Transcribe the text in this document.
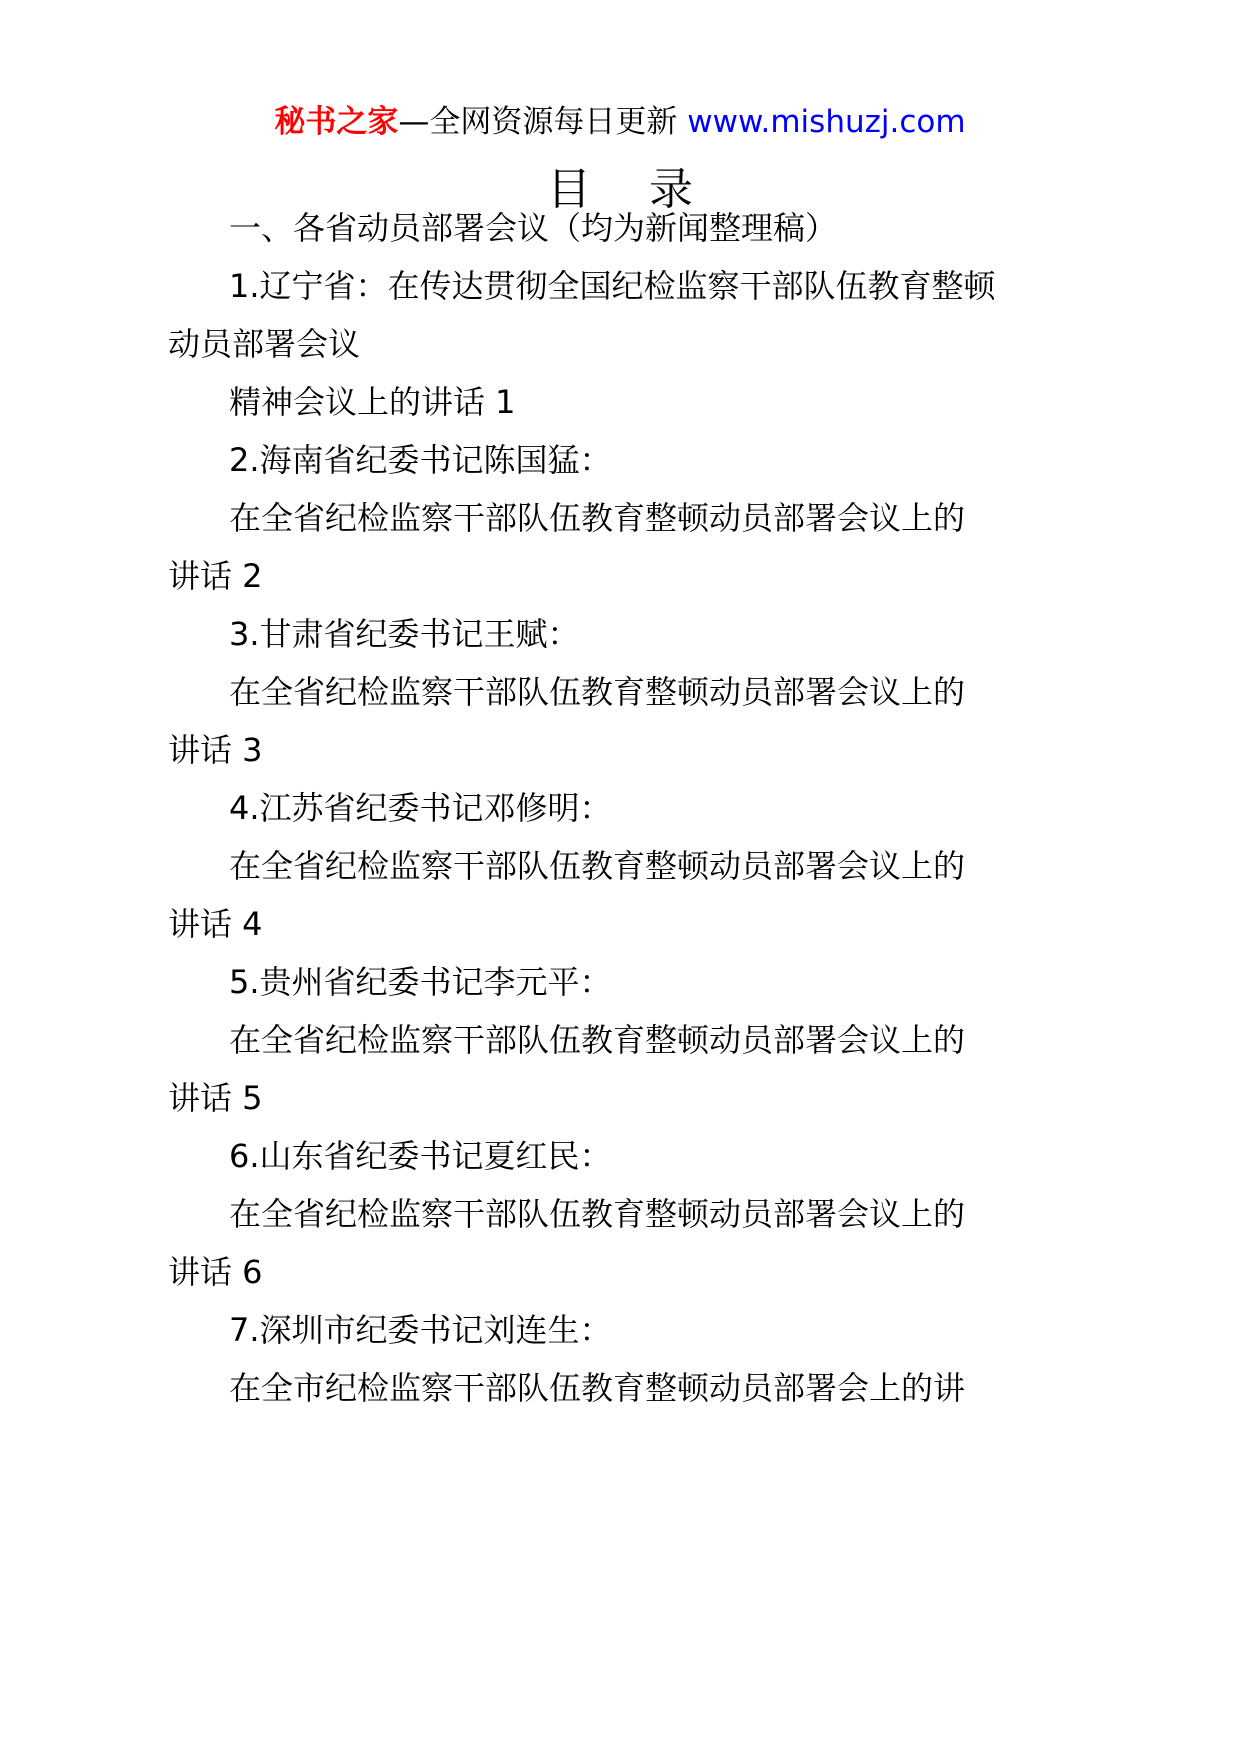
秘书之家—全网资源每日更新 www.mishuzj.com
目 录
一、各省动员部署会议（均为新闻整理稿）
1.辽宁省：在传达贯彻全国纪检监察干部队伍教育整顿
动员部署会议
精神会议上的讲话 1
2.海南省纪委书记陈国猛：
在全省纪检监察干部队伍教育整顿动员部署会议上的
讲话 2
3.甘肃省纪委书记王赋：
在全省纪检监察干部队伍教育整顿动员部署会议上的
讲话 3
4.江苏省纪委书记邓修明：
在全省纪检监察干部队伍教育整顿动员部署会议上的
讲话 4
5.贵州省纪委书记李元平：
在全省纪检监察干部队伍教育整顿动员部署会议上的
讲话 5
6.山东省纪委书记夏红民：
在全省纪检监察干部队伍教育整顿动员部署会议上的
讲话 6
7.深圳市纪委书记刘连生：
在全市纪检监察干部队伍教育整顿动员部署会上的讲
